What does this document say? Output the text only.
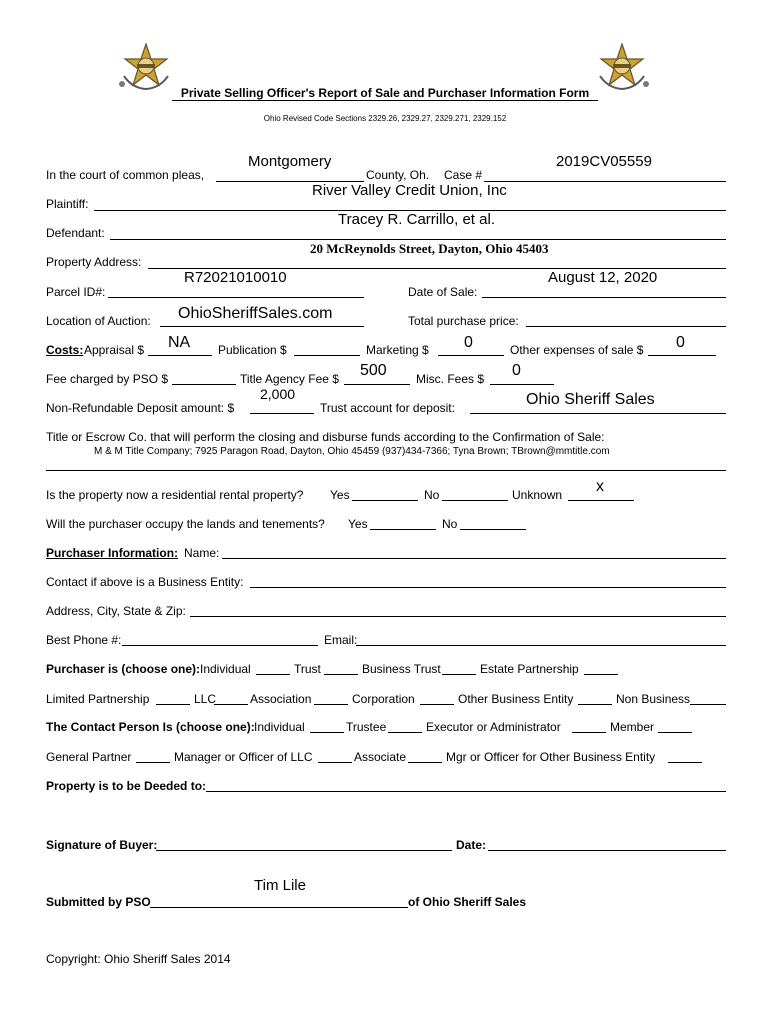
Private Selling Officer's Report of Sale and Purchaser Information Form
Ohio Revised Code Sections 2329.26, 2329.27, 2329.271, 2329.152
In the court of common pleas,
Montgomery
County, Oh. Case #
2019CV05559
Plaintiff:
River Valley Credit Union, Inc
Defendant:
Tracey R. Carrillo, et al.
Property Address:
20 McReynolds Street, Dayton, Ohio 45403
Parcel ID#:
R72021010010
Date of Sale:
August 12, 2020
Location of Auction: OhioSheriffSales.com	Total purchase price:
Costs: Appraisal $ NA Publication $	Marketing $ 0	Other expenses of sale $ 0
Fee charged by PSO $	Title Agency Fee $ 500 Misc. Fees $ 0
Non-Refundable Deposit amount: $
2,000
Trust account for deposit:	Ohio Sheriff Sales
Title or Escrow Co. that will perform the closing and disburse funds according to the Confirmation of Sale:
M & M Title Company; 7925 Paragon Road, Dayton, Ohio 45459 (937)434-7366; Tyna Brown; TBrown@mmtitle.com
Is the property now a residential rental property? Yes	No	Unknown x
Will the purchaser occupy the lands and tenements? Yes	No
Purchaser Information: Name:
Contact if above is a Business Entity:
Address, City, State & Zip:
Best Phone #:	Email:
Purchaser is (choose one): Individual	Trust	Business Trust	Estate Partnership
Limited Partnership	LLC	Association	Corporation	Other Business Entity	Non Business
The Contact Person Is (choose one): Individual	Trustee	Executor or Administrator	Member
General Partner	Manager or Officer of LLC	Associate	Mgr or Officer for Other Business Entity
Property is to be Deeded to:
Signature of Buyer:	Date:
Tim Lile
Submitted by PSO	of Ohio Sheriff Sales
Copyright: Ohio Sheriff Sales 2014
